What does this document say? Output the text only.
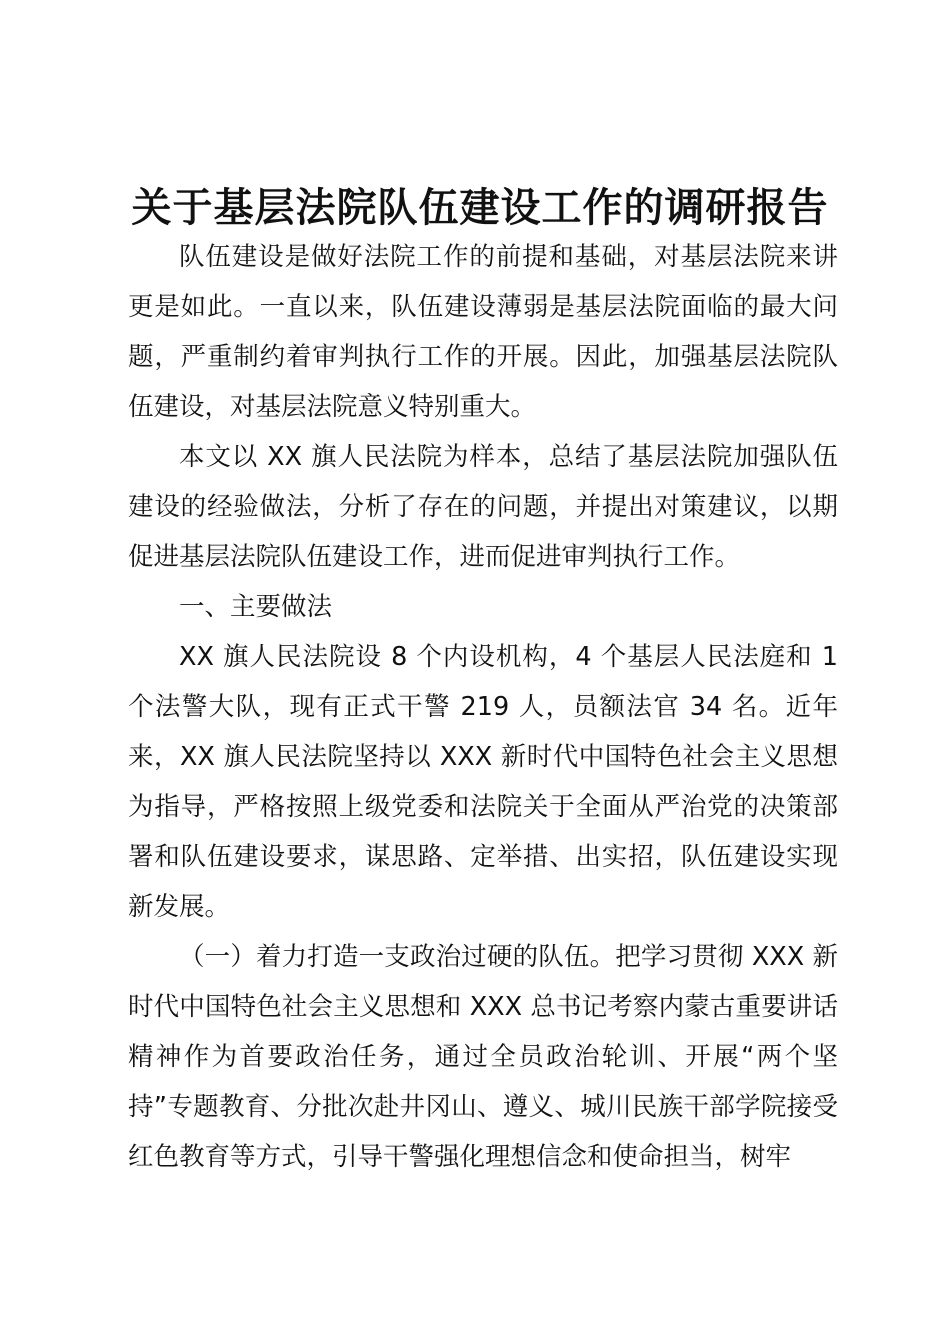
关于基层法院队伍建设工作的调研报告

队伍建设是做好法院工作的前提和基础，对基层法院来讲更是如此。一直以来，队伍建设薄弱是基层法院面临的最大问题，严重制约着审判执行工作的开展。因此，加强基层法院队伍建设，对基层法院意义特别重大。

本文以 XX 旗人民法院为样本，总结了基层法院加强队伍建设的经验做法，分析了存在的问题，并提出对策建议，以期促进基层法院队伍建设工作，进而促进审判执行工作。

一、主要做法

XX 旗人民法院设 8 个内设机构，4 个基层人民法庭和 1 个法警大队，现有正式干警 219 人，员额法官 34 名。近年来，XX 旗人民法院坚持以 XXX 新时代中国特色社会主义思想为指导，严格按照上级党委和法院关于全面从严治党的决策部署和队伍建设要求，谋思路、定举措、出实招，队伍建设实现新发展。

（一）着力打造一支政治过硬的队伍。把学习贯彻 XXX 新时代中国特色社会主义思想和 XXX 总书记考察内蒙古重要讲话精神作为首要政治任务，通过全员政治轮训、开展“两个坚持”专题教育、分批次赴井冈山、遵义、城川民族干部学院接受红色教育等方式，引导干警强化理想信念和使命担当，树牢
